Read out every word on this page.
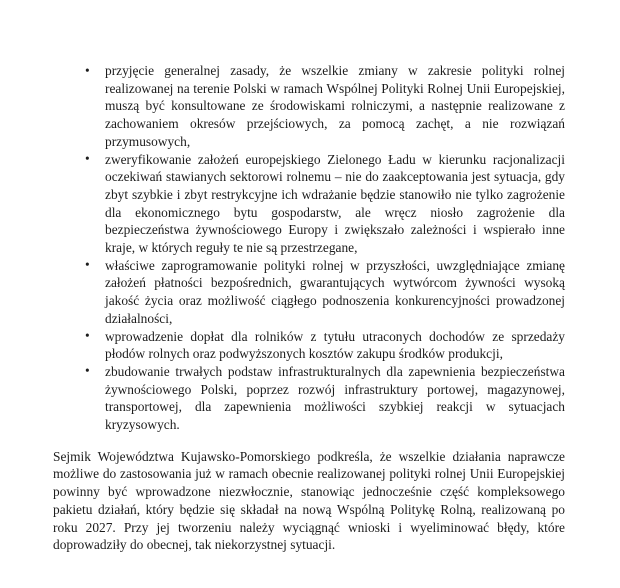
• przyjęcie generalnej zasady, że wszelkie zmiany w zakresie polityki rolnej realizowanej na terenie Polski w ramach Wspólnej Polityki Rolnej Unii Europejskiej, muszą być konsultowane ze środowiskami rolniczymi, a następnie realizowane z zachowaniem okresów przejściowych, za pomocą zachęt, a nie rozwiązań przymusowych,
• zweryfikowanie założeń europejskiego Zielonego Ładu w kierunku racjonalizacji oczekiwań stawianych sektorowi rolnemu – nie do zaakceptowania jest sytuacja, gdy zbyt szybkie i zbyt restrykcyjne ich wdrażanie będzie stanowiło nie tylko zagrożenie dla ekonomicznego bytu gospodarstw, ale wręcz niosło zagrożenie dla bezpieczeństwa żywnościowego Europy i zwiększało zależności i wspierało inne kraje, w których reguły te nie są przestrzegane,
• właściwe zaprogramowanie polityki rolnej w przyszłości, uwzględniające zmianę założeń płatności bezpośrednich, gwarantujących wytwórcom żywności wysoką jakość życia oraz możliwość ciągłego podnoszenia konkurencyjności prowadzonej działalności,
• wprowadzenie dopłat dla rolników z tytułu utraconych dochodów ze sprzedaży płodów rolnych oraz podwyższonych kosztów zakupu środków produkcji,
• zbudowanie trwałych podstaw infrastrukturalnych dla zapewnienia bezpieczeństwa żywnościowego Polski, poprzez rozwój infrastruktury portowej, magazynowej, transportowej, dla zapewnienia możliwości szybkiej reakcji w sytuacjach kryzysowych.

Sejmik Województwa Kujawsko-Pomorskiego podkreśla, że wszelkie działania naprawcze możliwe do zastosowania już w ramach obecnie realizowanej polityki rolnej Unii Europejskiej powinny być wprowadzone niezwłocznie, stanowiąc jednocześnie część kompleksowego pakietu działań, który będzie się składał na nową Wspólną Politykę Rolną, realizowaną po roku 2027. Przy jej tworzeniu należy wyciągnąć wnioski i wyeliminować błędy, które doprowadziły do obecnej, tak niekorzystnej sytuacji.
